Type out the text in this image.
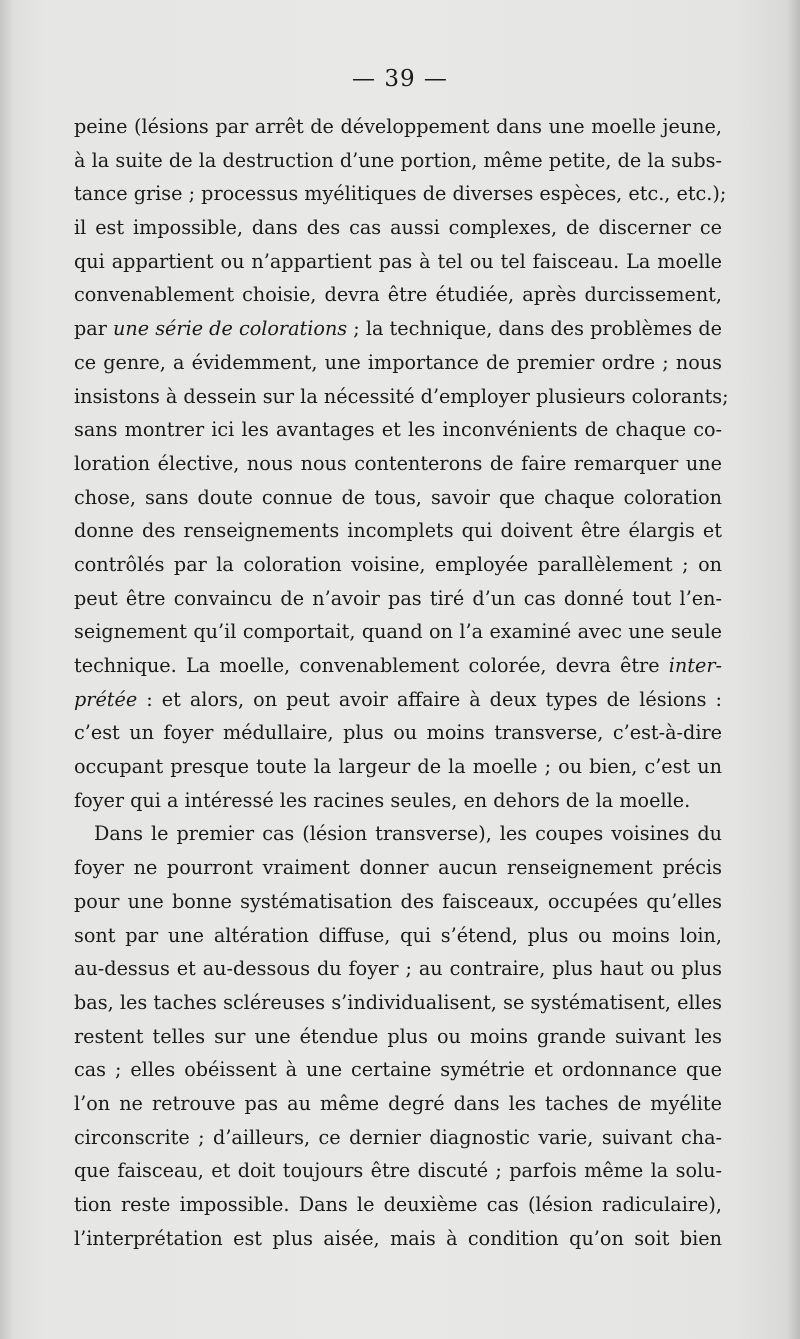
— 39 —
peine (lésions par arrêt de développement dans une moelle jeune,
à la suite de la destruction d’une portion, même petite, de la subs-
tance grise ; processus myélitiques de diverses espèces, etc., etc.);
il est impossible, dans des cas aussi complexes, de discerner ce
qui appartient ou n’appartient pas à tel ou tel faisceau. La moelle
convenablement choisie, devra être étudiée, après durcissement,
par une série de colorations ; la technique, dans des problèmes de
ce genre, a évidemment, une importance de premier ordre ; nous
insistons à dessein sur la nécessité d’employer plusieurs colorants;
sans montrer ici les avantages et les inconvénients de chaque co-
loration élective, nous nous contenterons de faire remarquer une
chose, sans doute connue de tous, savoir que chaque coloration
donne des renseignements incomplets qui doivent être élargis et
contrôlés par la coloration voisine, employée parallèlement ; on
peut être convaincu de n’avoir pas tiré d’un cas donné tout l’en-
seignement qu’il comportait, quand on l’a examiné avec une seule
technique. La moelle, convenablement colorée, devra être inter-
prétée : et alors, on peut avoir affaire à deux types de lésions :
c’est un foyer médullaire, plus ou moins transverse, c’est-à-dire
occupant presque toute la largeur de la moelle ; ou bien, c’est un
foyer qui a intéressé les racines seules, en dehors de la moelle.
Dans le premier cas (lésion transverse), les coupes voisines du
foyer ne pourront vraiment donner aucun renseignement précis
pour une bonne systématisation des faisceaux, occupées qu’elles
sont par une altération diffuse, qui s’étend, plus ou moins loin,
au-dessus et au-dessous du foyer ; au contraire, plus haut ou plus
bas, les taches scléreuses s’individualisent, se systématisent, elles
restent telles sur une étendue plus ou moins grande suivant les
cas ; elles obéissent à une certaine symétrie et ordonnance que
l’on ne retrouve pas au même degré dans les taches de myélite
circonscrite ; d’ailleurs, ce dernier diagnostic varie, suivant cha-
que faisceau, et doit toujours être discuté ; parfois même la solu-
tion reste impossible. Dans le deuxième cas (lésion radiculaire),
l’interprétation est plus aisée, mais à condition qu’on soit bien
